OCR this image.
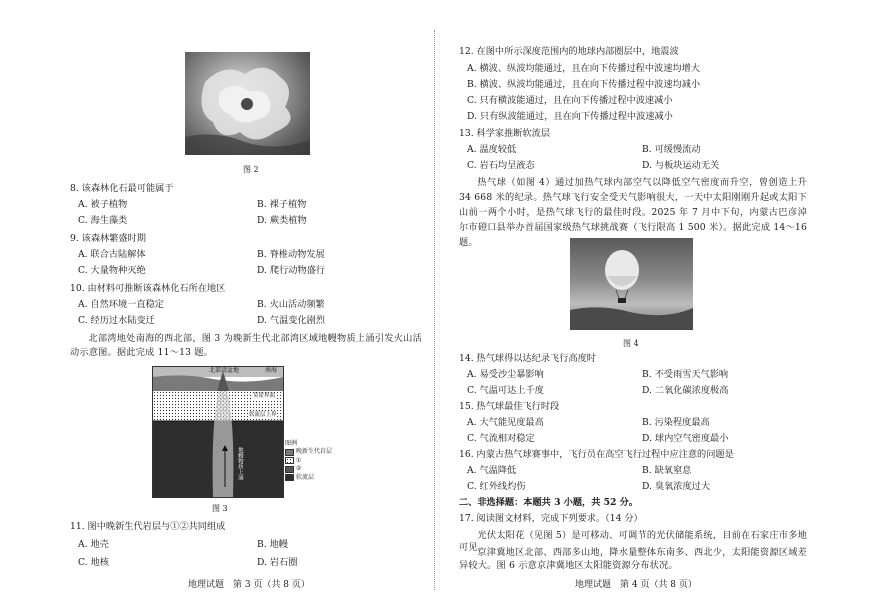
图 2
8. 该森林化石最可能属于
A. 被子植物	B. 裸子植物
C. 海生藻类	D. 蕨类植物
9. 该森林繁盛时期
A. 联合古陆解体	B. 脊椎动物发展
C. 大量物种灭绝	D. 爬行动物盛行
10. 由材料可推断该森林化石所在地区
A. 自然环境一直稳定	B. 火山活动频繁
C. 经历过水陆变迁	D. 气温变化剧烈
北部湾地处南海的西北部，图 3 为晚新生代北部湾区域地幔物质上涌引发火山活动示意图。据此完成 11～13 题。
北部湾盆地	南海
莫霍界面
软流层上界
地幔物质上涌
图例
晚新生代岩层
①
②
软流层
图 3
11. 图中晚新生代岩层与①②共同组成
A. 地壳	B. 地幔
C. 地核	D. 岩石圈
地理试题　第 3 页（共 8 页）
12. 在图中所示深度范围内的地球内部圈层中，地震波
A. 横波、纵波均能通过，且在向下传播过程中波速均增大
B. 横波、纵波均能通过，且在向下传播过程中波速均减小
C. 只有横波能通过，且在向下传播过程中波速减小
D. 只有纵波能通过，且在向下传播过程中波速减小
13. 科学家推断软流层
A. 温度较低	B. 可缓慢流动
C. 岩石均呈液态	D. 与板块运动无关
热气球（如图 4）通过加热气球内部空气以降低空气密度而升空，曾创造上升 34 668 米的纪录。热气球飞行安全受天气影响很大，一天中太阳刚刚升起或太阳下山前一两个小时，是热气球飞行的最佳时段。2025 年 7 月中下旬，内蒙古巴彦淖尔市磴口县举办首届国家级热气球挑战赛（飞行限高 1 500 米）。据此完成 14～16 题。
图 4
14. 热气球得以达纪录飞行高度时
A. 易受沙尘暴影响	B. 不受雨雪天气影响
C. 气温可达上千度	D. 二氧化碳浓度极高
15. 热气球最佳飞行时段
A. 大气能见度最高	B. 污染程度最高
C. 气流相对稳定	D. 球内空气密度最小
16. 内蒙古热气球赛事中，飞行员在高空飞行过程中应注意的问题是
A. 气温降低	B. 缺氧窒息
C. 红外线灼伤	D. 臭氧浓度过大
二、非选择题：本题共 3 小题，共 52 分。
17. 阅读图文材料，完成下列要求。（14 分）
光伏太阳花（见图 5）是可移动、可调节的光伏储能系统，目前在石家庄市多地可见。
京津冀地区北部、西部多山地，降水量整体东南多、西北少，太阳能资源区域差异较大。图 6 示意京津冀地区太阳能资源分布状况。
地理试题　第 4 页（共 8 页）
